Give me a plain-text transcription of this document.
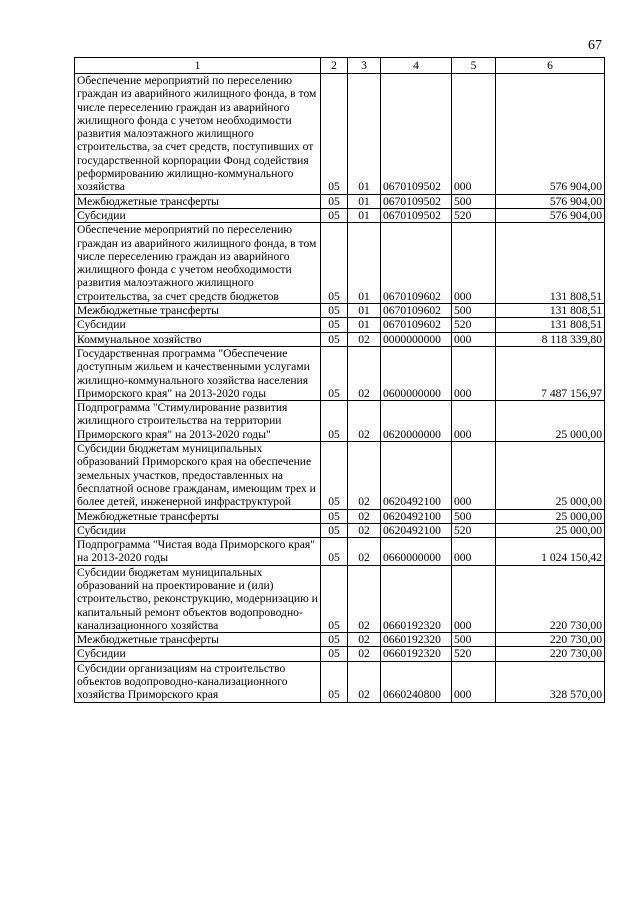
67
1	2	3	4	5	6
Обеспечение мероприятий по переселению граждан из аварийного жилищного фонда, в том числе переселению граждан из аварийного жилищного фонда с учетом необходимости развития малоэтажного жилищного строительства, за счет средств, поступивших от государственной корпорации Фонд содействия реформированию жилищно-коммунального хозяйства	05	01	0670109502	000	576 904,00
Межбюджетные трансферты	05	01	0670109502	500	576 904,00
Субсидии	05	01	0670109502	520	576 904,00
Обеспечение мероприятий по переселению граждан из аварийного жилищного фонда, в том числе переселению граждан из аварийного жилищного фонда с учетом необходимости развития малоэтажного жилищного строительства, за счет средств бюджетов	05	01	0670109602	000	131 808,51
Межбюджетные трансферты	05	01	0670109602	500	131 808,51
Субсидии	05	01	0670109602	520	131 808,51
Коммунальное хозяйство	05	02	0000000000	000	8 118 339,80
Государственная программа "Обеспечение доступным жильем и качественными услугами жилищно-коммунального хозяйства населения Приморского края" на 2013-2020 годы	05	02	0600000000	000	7 487 156,97
Подпрограмма "Стимулирование развития жилищного строительства на территории Приморского края" на 2013-2020 годы"	05	02	0620000000	000	25 000,00
Субсидии бюджетам муниципальных образований Приморского края на обеспечение земельных участков, предоставленных на бесплатной основе гражданам, имеющим трех и более детей, инженерной инфраструктурой	05	02	0620492100	000	25 000,00
Межбюджетные трансферты	05	02	0620492100	500	25 000,00
Субсидии	05	02	0620492100	520	25 000,00
Подпрограмма "Чистая вода Приморского края" на 2013-2020 годы	05	02	0660000000	000	1 024 150,42
Субсидии бюджетам муниципальных образований на проектирование и (или) строительство, реконструкцию, модернизацию и капитальный ремонт объектов водопроводно-канализационного хозяйства	05	02	0660192320	000	220 730,00
Межбюджетные трансферты	05	02	0660192320	500	220 730,00
Субсидии	05	02	0660192320	520	220 730,00
Субсидии организациям на строительство объектов водопроводно-канализационного хозяйства Приморского края	05	02	0660240800	000	328 570,00
